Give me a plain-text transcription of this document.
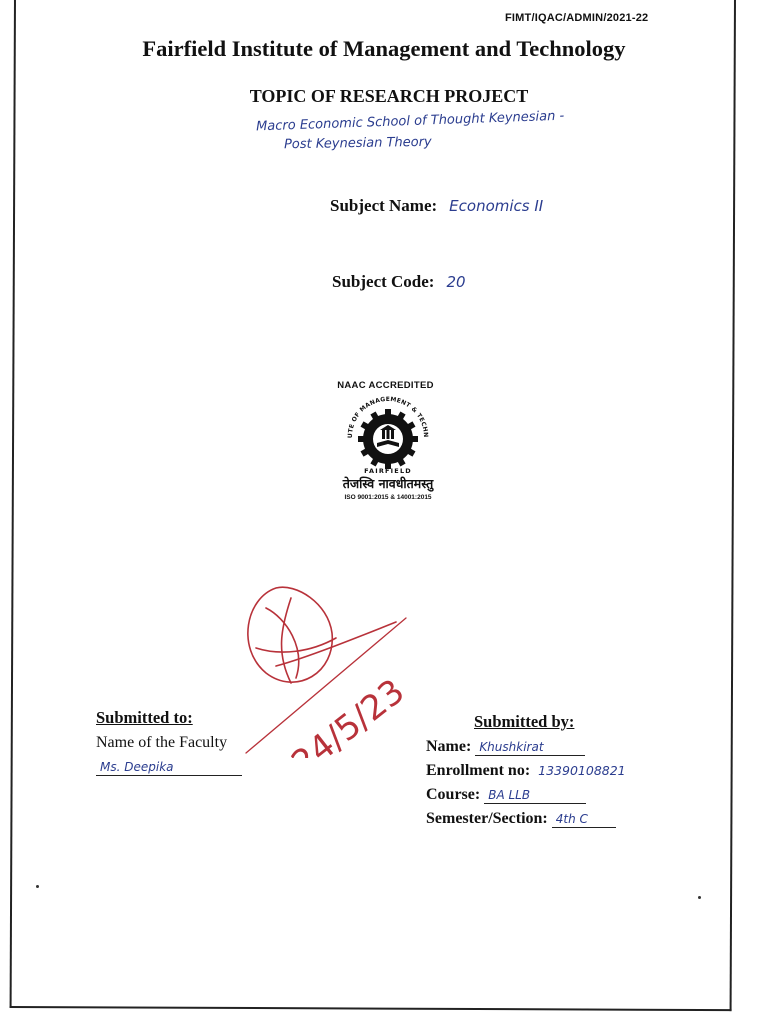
FIMT/IQAC/ADMIN/2021-22
Fairfield Institute of Management and Technology
TOPIC OF RESEARCH PROJECT
Macro Economic School of Thought Keynesian -
Post Keynesian Theory
Subject Name: Economics II
Subject Code: 20
NAAC ACCREDITED
UTE OF MANAGEMENT & TECHN
FAIRFIELD
तेजस्वि नावधीतमस्तु
ISO 9001:2015 & 14001:2015
24/5/23
Submitted to:
Name of the Faculty
Ms. Deepika
Submitted by:
Name: Khushkirat
Enrollment no: 13390108821
Course: BA LLB
Semester/Section: 4th C
